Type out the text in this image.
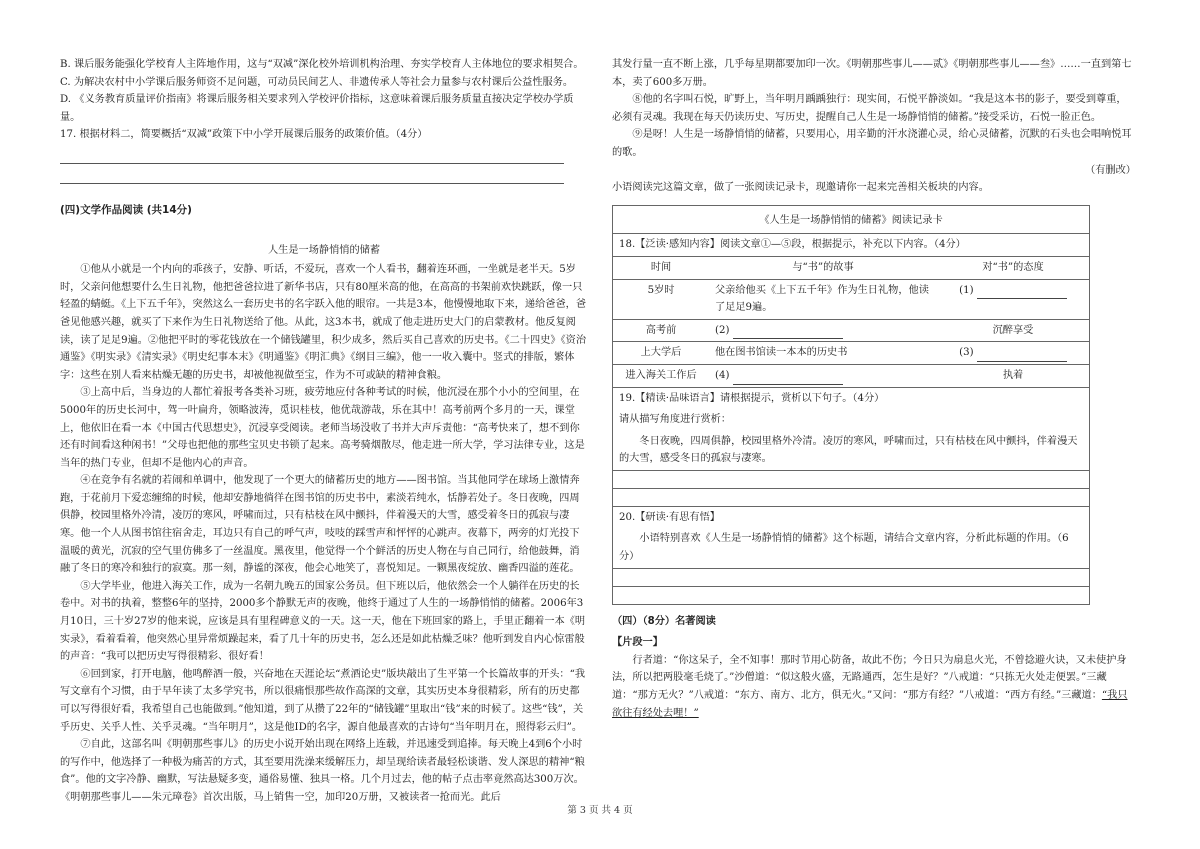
B. 课后服务能强化学校育人主阵地作用，这与“双减”深化校外培训机构治理、夯实学校育人主体地位的要求相契合。

C. 为解决农村中小学课后服务师资不足问题，可动员民间艺人、非遗传承人等社会力量参与农村课后公益性服务。

D. 《义务教育质量评价指南》将课后服务相关要求列入学校评价指标，这意味着课后服务质量直接决定学校办学质量。

17. 根据材料二，简要概括“双减”政策下中小学开展课后服务的政策价值。（4分）

(四)文学作品阅读 (共14分)

人生是一场静悄悄的储蓄

①他从小就是一个内向的乖孩子，安静、听话，不爱玩，喜欢一个人看书，翻着连环画，一坐就是老半天。5岁时，父亲问他想要什么生日礼物，他把爸爸拉进了新华书店，只有80厘米高的他，在高高的书架前欢快跳跃，像一只轻盈的蜻蜓。《上下五千年》，突然这么一套历史书的名字跃入他的眼帘。一共是3本，他慢慢地取下来，递给爸爸，爸爸见他感兴趣，就买了下来作为生日礼物送给了他。从此，这3本书，就成了他走进历史大门的启蒙教材。他反复阅读，读了足足9遍。②他把平时的零花钱放在一个储钱罐里，积少成多，然后买自己喜欢的历史书。《二十四史》《资治通鉴》《明实录》《清实录》《明史纪事本末》《明通鉴》《明汇典》《纲目三编》，他一一收入囊中。竖式的排版，繁体字：这些在别人看来枯燥无趣的历史书，却被他视做至宝，作为不可或缺的精神食粮。

③上高中后，当身边的人都忙着报考各类补习班，疲劳地应付各种考试的时候，他沉浸在那个小小的空间里，在5000年的历史长河中，驾一叶扁舟，领略波涛，觅识桂枝，他优哉游哉，乐在其中！高考前两个多月的一天，课堂上，他依旧在看一本《中国古代思想史》，沉浸享受阅读。老师当场没收了书并大声斥责他：“高考快来了，想不到你还有时间看这种闲书！”父母也把他的那些宝贝史书锁了起来。高考骑烟散尽，他走进一所大学，学习法律专业，这是当年的热门专业，但却不是他内心的声音。

④在竞争有名就的若闹和单调中，他发现了一个更大的储蓄历史的地方——图书馆。当其他同学在球场上激情奔跑，于花前月下爱恋缠绵的时候，他却安静地徜徉在图书馆的历史书中，素淡若纯水，恬静若处子。冬日夜晚，四周俱静，校园里格外冷清，凌厉的寒风，呼啸而过，只有枯枝在风中颤抖，伴着漫天的大雪，感受着冬日的孤寂与凄寒。他一个人从图书馆往宿舍走，耳边只有自己的呼气声，吱吱的踩雪声和怦怦的心跳声。夜幕下，两旁的灯光投下温暖的黄光，沉寂的空气里仿佛多了一丝温度。黑夜里，他觉得一个个鲜活的历史人物在与自己同行，给他鼓舞，消融了冬日的寒冷和独行的寂寞。那一刻，静谧的深夜，他会心地笑了，喜悦知足。一颗黑夜绽放、幽香四溢的莲花。

⑤大学毕业，他进入海关工作，成为一名朝九晚五的国家公务员。但下班以后，他依然会一个人躺徉在历史的长卷中。对书的执着，整整6年的坚持，2000多个静默无声的夜晚，他终于通过了人生的一场静悄悄的储蓄。2006年3月10日，三十岁27岁的他来说，应该是具有里程碑意义的一天。这一天，他在下班回家的路上，手里正翻着一本《明实录》，看着看着，他突然心里异常烦躁起来，看了几十年的历史书，怎么还是如此枯燥乏味？他听到发自内心惊雷般的声音：“我可以把历史写得很精彩、很好看！

⑥回到家，打开电脑，他鸣醉酒一般，兴奋地在天涯论坛“煮酒论史”版块敲出了生平第一个长篇故事的开头：“我写文章有个习惯，由于早年读了太多学究书，所以很痛恨那些故作高深的文章，其实历史本身很精彩，所有的历史都可以写得很好看，我希望自己也能做到。”他知道，到了从攒了22年的“储钱罐”里取出“钱”来的时候了。这些“钱”，关乎历史、关乎人性、关乎灵魂。“当年明月”，这是他ID的名字，源自他最喜欢的古诗句“当年明月在，照得彩云归”。

⑦自此，这部名叫《明朝那些事儿》的历史小说开始出现在网络上连载，并迅速受到追捧。每天晚上4到6个小时的写作中，他选择了一种极为痛苦的方式，其至要用洗澡来缓解压力，却呈现给读者最轻松谈谐、发人深思的精神“粮食”。他的文字冷静、幽默，写法悬疑多变，通俗易懂、独具一格。几个月过去，他的帖子点击率竟然高达300万次。《明朝那些事儿——朱元璋卷》首次出版，马上销售一空，加印20万册，又被读者一抢而光。此后

其发行量一直不断上涨，几乎每星期都要加印一次。《明朝那些事儿——贰》《明朝那些事儿——叁》……一直到第七本，卖了600多万册。

⑧他的名字叫石悦，旷野上，当年明月踽踽独行：现实间，石悦平静淡如。“我是这本书的影子，要受到尊重，必须有灵魂。我现在每天仍读历史、写历史，提醒自己人生是一场静悄悄的储蓄。”接受采访，石悦一脸正色。

⑨是呀！人生是一场静悄悄的储蓄，只要用心，用辛勤的汗水浇灌心灵，给心灵储蓄，沉默的石头也会唱响悦耳的歌。

（有删改）

小语阅读完这篇文章，做了一张阅读记录卡，现邀请你一起来完善相关板块的内容。

《人生是一场静悄悄的储蓄》阅读记录卡
18.【泛读·感知内容】阅读文章①—⑤段，根据提示，补充以下内容。（4分）
时间	与“书”的故事	对“书”的态度
5岁时	父亲给他买《上下五千年》作为生日礼物，他读了足足9遍。	(1)
高考前	(2)	沉醉享受
上大学后	他在图书馆读一本本的历史书	(3)
进入海关工作后	(4)	执着
19.【精读·品味语言】请根据提示，赏析以下句子。（4分）
请从描写角度进行赏析：
冬日夜晚，四周俱静，校园里格外冷清。凌厉的寒风，呼啸而过，只有枯枝在风中颤抖，伴着漫天的大雪，感受冬日的孤寂与凄寒。
20.【研读·有思有悟】
小语特别喜欢《人生是一场静悄悄的储蓄》这个标题，请结合文章内容，分析此标题的作用。（6分）

（四）（8分）名著阅读

【片段一】

行者道：“你这呆子，全不知事！那时节用心防备，故此不伤；今日只为扇息火光，不曾捻避火诀，又未使护身法，所以把两股毫毛烧了。”沙僧道：“似这般火盛，无路通西，怎生是好？”八戒道：“只拣无火处走便罢。”三藏道：“那方无火？”八戒道：“东方、南方、北方，俱无火。”又问：“那方有经？”八戒道：“西方有经。”三藏道：“我只欲往有经处去哩！”

第 3 页 共 4 页
